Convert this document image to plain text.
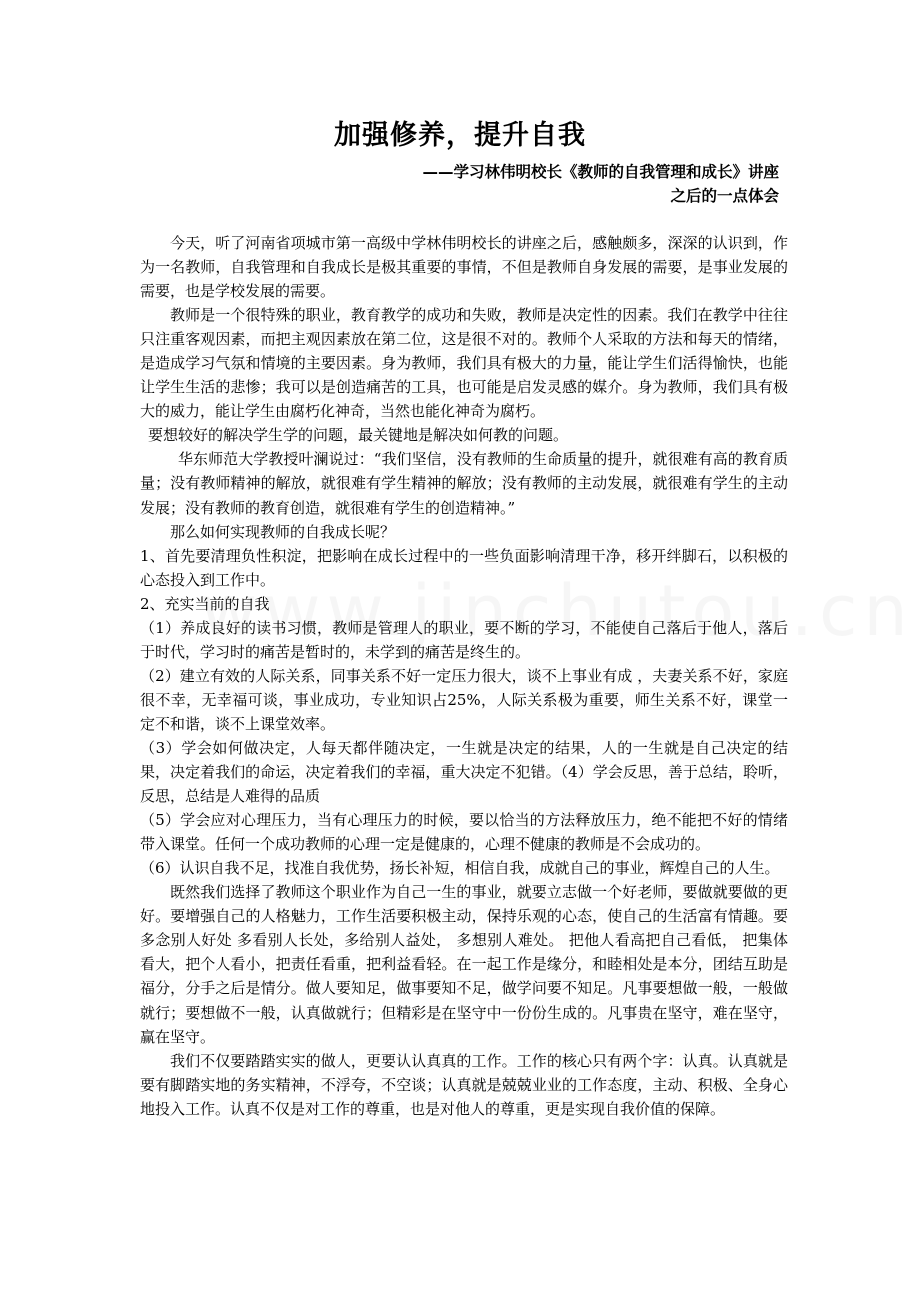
加强修养，提升自我
——学习林伟明校长《教师的自我管理和成长》讲座
之后的一点体会

今天，听了河南省项城市第一高级中学林伟明校长的讲座之后，感触颇多，深深的认识到，作为一名教师，自我管理和自我成长是极其重要的事情，不但是教师自身发展的需要，是事业发展的需要，也是学校发展的需要。

教师是一个很特殊的职业，教育教学的成功和失败，教师是决定性的因素。我们在教学中往往只注重客观因素，而把主观因素放在第二位，这是很不对的。教师个人采取的方法和每天的情绪，是造成学习气氛和情境的主要因素。身为教师，我们具有极大的力量，能让学生们活得愉快，也能让学生生活的悲惨；我可以是创造痛苦的工具，也可能是启发灵感的媒介。身为教师，我们具有极大的威力，能让学生由腐朽化神奇，当然也能化神奇为腐朽。

要想较好的解决学生学的问题，最关键地是解决如何教的问题。

华东师范大学教授叶澜说过：“我们坚信，没有教师的生命质量的提升，就很难有高的教育质量；没有教师精神的解放，就很难有学生精神的解放；没有教师的主动发展，就很难有学生的主动发展；没有教师的教育创造，就很难有学生的创造精神。”

那么如何实现教师的自我成长呢？

1、首先要清理负性积淀，把影响在成长过程中的一些负面影响清理干净，移开绊脚石，以积极的心态投入到工作中。

2、充实当前的自我

（1）养成良好的读书习惯，教师是管理人的职业，要不断的学习，不能使自己落后于他人，落后于时代，学习时的痛苦是暂时的，未学到的痛苦是终生的。

（2）建立有效的人际关系，同事关系不好一定压力很大，谈不上事业有成 ，夫妻关系不好，家庭很不幸，无幸福可谈，事业成功，专业知识占25%，人际关系极为重要，师生关系不好，课堂一定不和谐，谈不上课堂效率。

（3）学会如何做决定，人每天都伴随决定，一生就是决定的结果，人的一生就是自己决定的结果，决定着我们的命运，决定着我们的幸福，重大决定不犯错。（4）学会反思，善于总结，聆听，反思，总结是人难得的品质

（5）学会应对心理压力，当有心理压力的时候，要以恰当的方法释放压力，绝不能把不好的情绪带入课堂。任何一个成功教师的心理一定是健康的，心理不健康的教师是不会成功的。

（6）认识自我不足，找准自我优势，扬长补短，相信自我，成就自己的事业，辉煌自己的人生。

既然我们选择了教师这个职业作为自己一生的事业，就要立志做一个好老师，要做就要做的更好。要增强自己的人格魅力，工作生活要积极主动，保持乐观的心态，使自己的生活富有情趣。要多念别人好处 多看别人长处，多给别人益处， 多想别人难处。 把他人看高把自己看低， 把集体看大，把个人看小，把责任看重，把利益看轻。在一起工作是缘分，和睦相处是本分，团结互助是福分，分手之后是情分。做人要知足，做事要知不足，做学问要不知足。凡事要想做一般，一般做就行；要想做不一般，认真做就行；但精彩是在坚守中一份份生成的。凡事贵在坚守，难在坚守，赢在坚守。

我们不仅要踏踏实实的做人，更要认认真真的工作。工作的核心只有两个字：认真。认真就是要有脚踏实地的务实精神，不浮夸，不空谈；认真就是兢兢业业的工作态度，主动、积极、全身心地投入工作。认真不仅是对工作的尊重，也是对他人的尊重，更是实现自我价值的保障。
